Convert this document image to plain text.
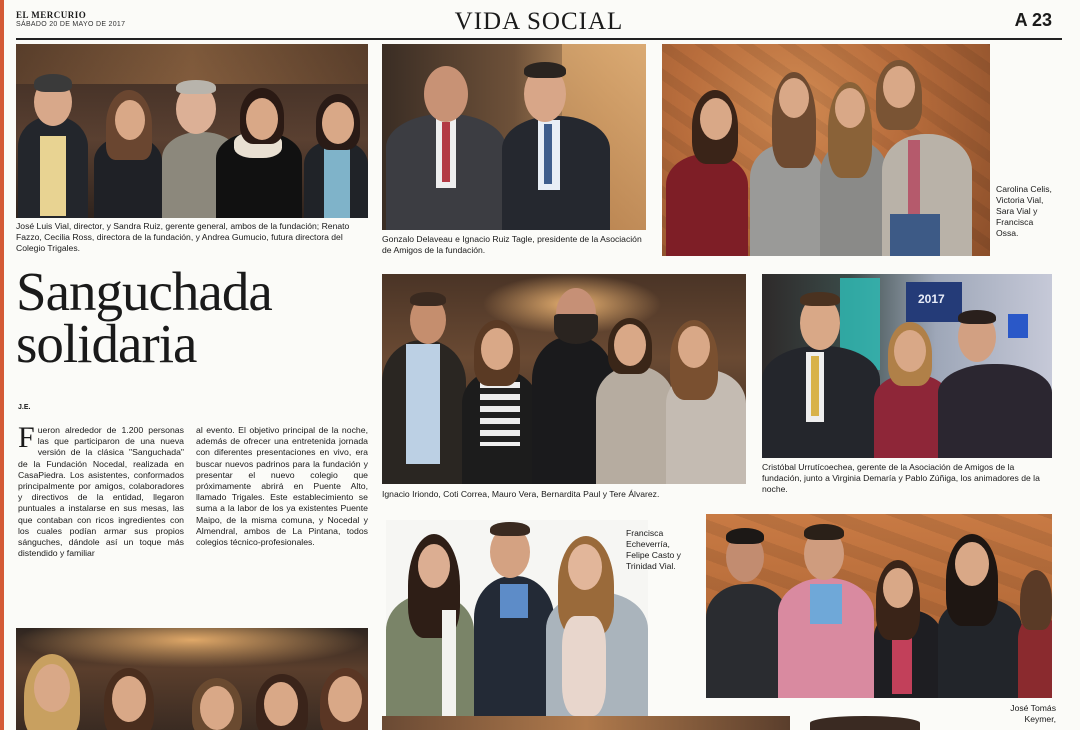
EL MERCURIO
SÁBADO 20 DE MAYO DE 2017	VIDA SOCIAL	A 23
José Luis Vial, director, y Sandra Ruiz, gerente general, ambos de la fundación; Renato Fazzo, Cecilia Ross, directora de la fundación, y Andrea Gumucio, futura directora del Colegio Trigales.
Gonzalo Delaveau e Ignacio Ruiz Tagle, presidente de la Asociación de Amigos de la fundación.
Carolina Celis, Victoria Vial, Sara Vial y Francisca Ossa.
Sanguchada
solidaria
J.E.
Fueron alrededor de 1.200 personas las que participaron de una nueva versión de la clásica "Sanguchada" de la Fundación Nocedal, realizada en CasaPiedra. Los asistentes, conformados principalmente por amigos, colaboradores y directivos de la entidad, llegaron puntuales a instalarse en sus mesas, las que contaban con ricos ingredientes con los cuales podían armar sus propios sánguches, dándole así un toque más distendido y familiar
al evento. El objetivo principal de la noche, además de ofrecer una entretenida jornada con diferentes presentaciones en vivo, era buscar nuevos padrinos para la fundación y presentar el nuevo colegio que próximamente abrirá en Puente Alto, llamado Trigales. Este establecimiento se suma a la labor de los ya existentes Puente Maipo, de la misma comuna, y Nocedal y Almendral, ambos de La Pintana, todos colegios técnico-profesionales.
Ignacio Iriondo, Coti Correa, Mauro Vera, Bernardita Paul y Tere Álvarez.
2017
Cristóbal Urrutícoechea, gerente de la Asociación de Amigos de la fundación, junto a Virginia Demaría y Pablo Zúñiga, los animadores de la noche.
Francisca Echeverría, Felipe Casto y Trinidad Vial.
José Tomás Keymer,
